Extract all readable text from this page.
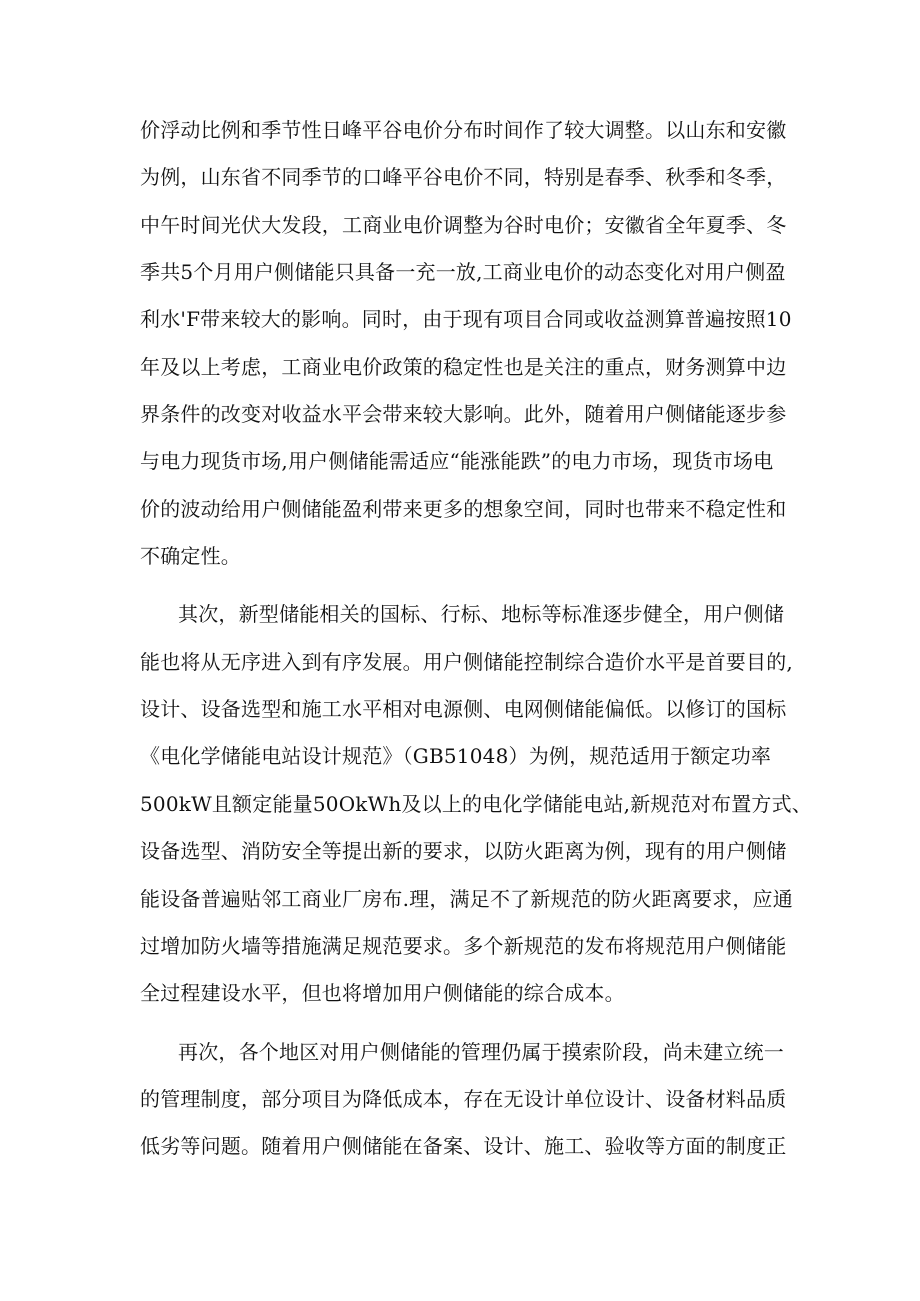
价浮动比例和季节性日峰平谷电价分布时间作了较大调整。以山东和安徽
为例，山东省不同季节的口峰平谷电价不同，特别是春季、秋季和冬季，
中午时间光伏大发段，工商业电价调整为谷时电价；安徽省全年夏季、冬
季共5个月用户侧储能只具备一充一放,工商业电价的动态变化对用户侧盈
利水'F带来较大的影响。同时，由于现有项目合同或收益测算普遍按照10
年及以上考虑，工商业电价政策的稳定性也是关注的重点，财务测算中边
界条件的改变对收益水平会带来较大影响。此外，随着用户侧储能逐步参
与电力现货市场,用户侧储能需适应“能涨能跌”的电力市场，现货市场电
价的波动给用户侧储能盈利带来更多的想象空间，同时也带来不稳定性和
不确定性。
其次，新型储能相关的国标、行标、地标等标准逐步健全，用户侧储
能也将从无序进入到有序发展。用户侧储能控制综合造价水平是首要目的,
设计、设备选型和施工水平相对电源侧、电网侧储能偏低。以修订的国标
《电化学储能电站设计规范》（GB51048）为例，规范适用于额定功率
500kW且额定能量50OkWh及以上的电化学储能电站,新规范对布置方式、
设备选型、消防安全等提出新的要求，以防火距离为例，现有的用户侧储
能设备普遍贴邻工商业厂房布.理，满足不了新规范的防火距离要求，应通
过增加防火墙等措施满足规范要求。多个新规范的发布将规范用户侧储能
全过程建设水平，但也将增加用户侧储能的综合成本。
再次，各个地区对用户侧储能的管理仍属于摸索阶段，尚未建立统一
的管理制度，部分项目为降低成本，存在无设计单位设计、设备材料品质
低劣等问题。随着用户侧储能在备案、设计、施工、验收等方面的制度正
